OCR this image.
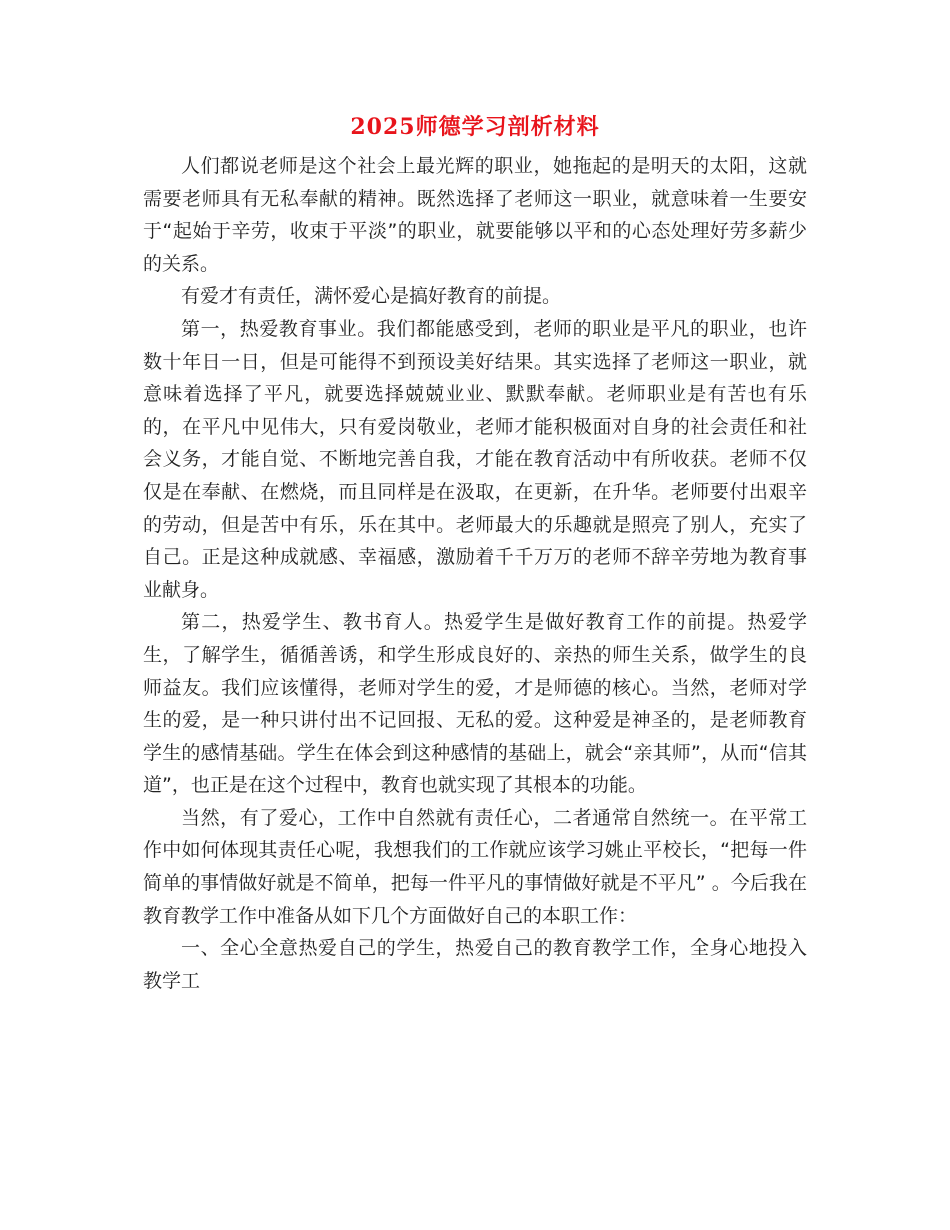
2025师德学习剖析材料

人们都说老师是这个社会上最光辉的职业，她拖起的是明天的太阳，这就需要老师具有无私奉献的精神。既然选择了老师这一职业，就意味着一生要安于“起始于辛劳，收束于平淡”的职业，就要能够以平和的心态处理好劳多薪少的关系。

有爱才有责任，满怀爱心是搞好教育的前提。

第一，热爱教育事业。我们都能感受到，老师的职业是平凡的职业，也许数十年日一日，但是可能得不到预设美好结果。其实选择了老师这一职业，就意味着选择了平凡，就要选择兢兢业业、默默奉献。老师职业是有苦也有乐的，在平凡中见伟大，只有爱岗敬业，老师才能积极面对自身的社会责任和社会义务，才能自觉、不断地完善自我，才能在教育活动中有所收获。老师不仅仅是在奉献、在燃烧，而且同样是在汲取，在更新，在升华。老师要付出艰辛的劳动，但是苦中有乐，乐在其中。老师最大的乐趣就是照亮了别人，充实了自己。正是这种成就感、幸福感，激励着千千万万的老师不辞辛劳地为教育事业献身。

第二，热爱学生、教书育人。热爱学生是做好教育工作的前提。热爱学生，了解学生，循循善诱，和学生形成良好的、亲热的师生关系，做学生的良师益友。我们应该懂得，老师对学生的爱，才是师德的核心。当然，老师对学生的爱，是一种只讲付出不记回报、无私的爱。这种爱是神圣的，是老师教育学生的感情基础。学生在体会到这种感情的基础上，就会“亲其师”，从而“信其道”，也正是在这个过程中，教育也就实现了其根本的功能。

当然，有了爱心，工作中自然就有责任心，二者通常自然统一。在平常工作中如何体现其责任心呢，我想我们的工作就应该学习姚止平校长，“把每一件简单的事情做好就是不简单，把每一件平凡的事情做好就是不平凡” 。今后我在教育教学工作中准备从如下几个方面做好自己的本职工作：

一、全心全意热爱自己的学生，热爱自己的教育教学工作，全身心地投入教学工
